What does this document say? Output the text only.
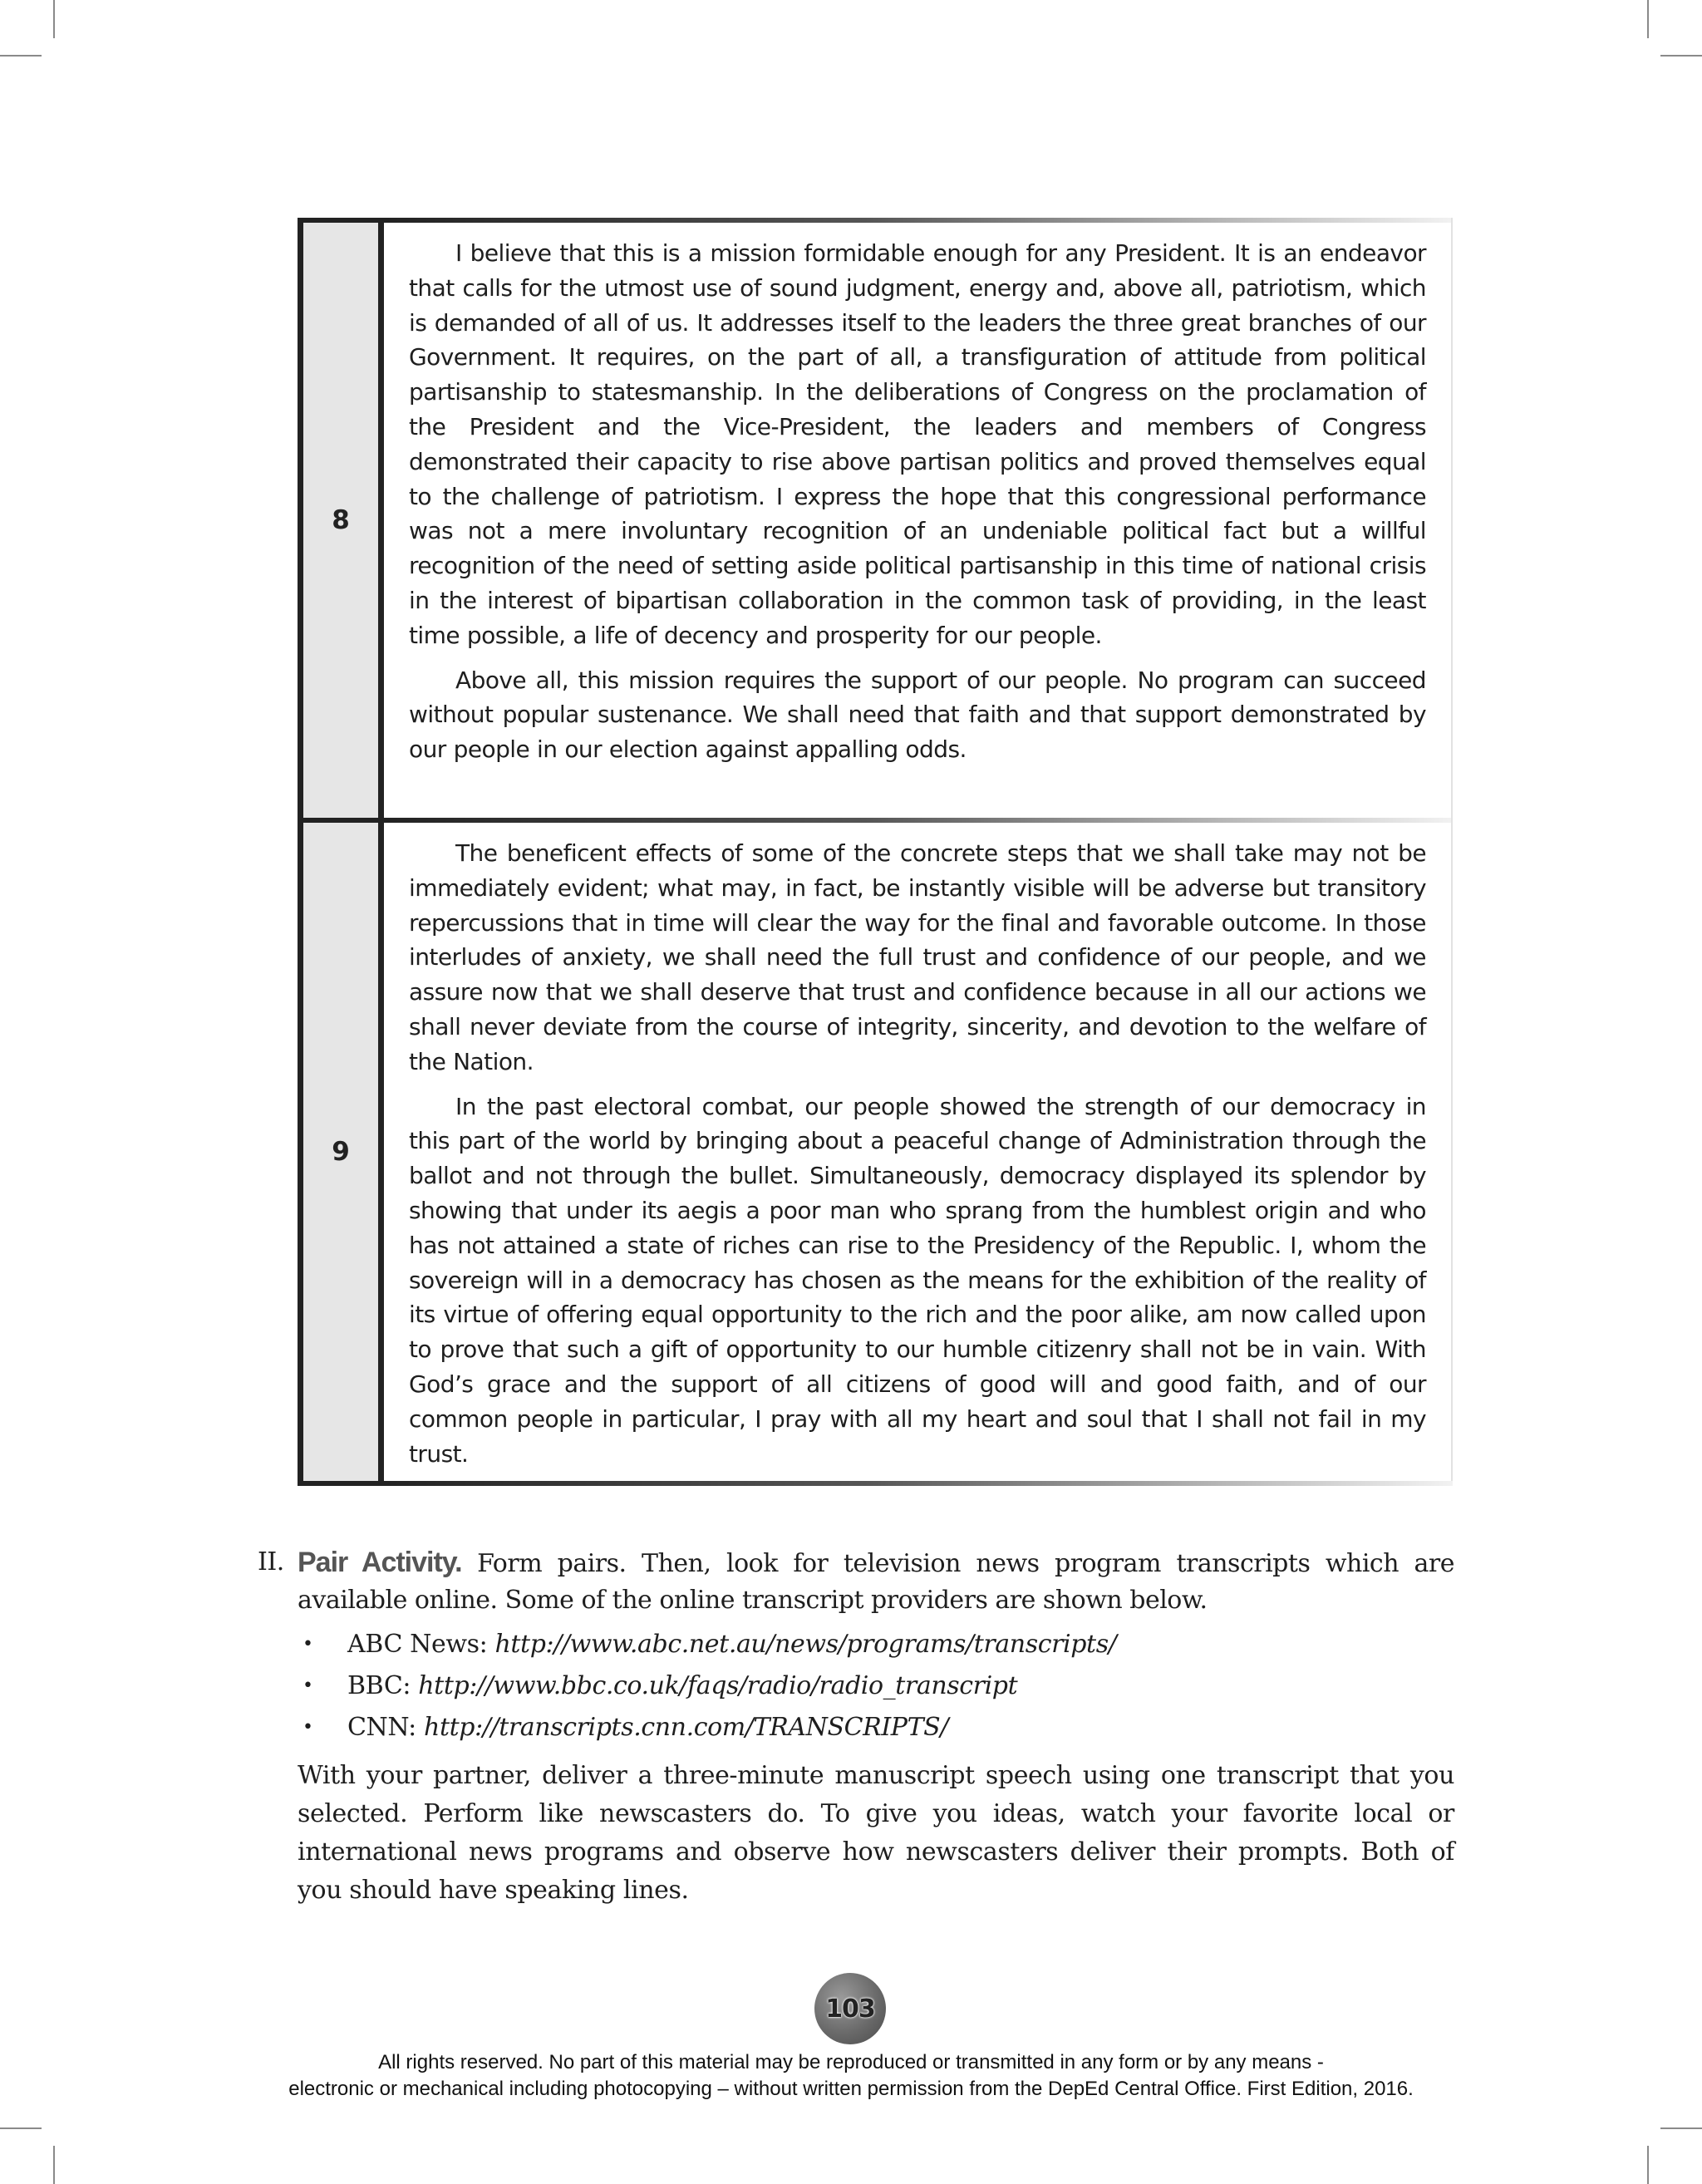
8

I believe that this is a mission formidable enough for any President. It is an endeavor that calls for the utmost use of sound judgment, energy and, above all, patriotism, which is demanded of all of us. It addresses itself to the leaders the three great branches of our Government. It requires, on the part of all, a transfiguration of attitude from political partisanship to statesmanship. In the deliberations of Congress on the proclamation of the President and the Vice-President, the leaders and members of Congress demonstrated their capacity to rise above partisan politics and proved themselves equal to the challenge of patriotism. I express the hope that this congressional performance was not a mere involuntary recognition of an undeniable political fact but a willful recognition of the need of setting aside political partisanship in this time of national crisis in the interest of bipartisan collaboration in the common task of providing, in the least time possible, a life of decency and prosperity for our people.

Above all, this mission requires the support of our people. No program can succeed without popular sustenance. We shall need that faith and that support demonstrated by our people in our election against appalling odds.

9

The beneficent effects of some of the concrete steps that we shall take may not be immediately evident; what may, in fact, be instantly visible will be adverse but transitory repercussions that in time will clear the way for the final and favorable outcome. In those interludes of anxiety, we shall need the full trust and confidence of our people, and we assure now that we shall deserve that trust and confidence because in all our actions we shall never deviate from the course of integrity, sincerity, and devotion to the welfare of the Nation.

In the past electoral combat, our people showed the strength of our democracy in this part of the world by bringing about a peaceful change of Administration through the ballot and not through the bullet. Simultaneously, democracy displayed its splendor by showing that under its aegis a poor man who sprang from the humblest origin and who has not attained a state of riches can rise to the Presidency of the Republic. I, whom the sovereign will in a democracy has chosen as the means for the exhibition of the reality of its virtue of offering equal opportunity to the rich and the poor alike, am now called upon to prove that such a gift of opportunity to our humble citizenry shall not be in vain. With God’s grace and the support of all citizens of good will and good faith, and of our common people in particular, I pray with all my heart and soul that I shall not fail in my trust.

II. Pair Activity. Form pairs. Then, look for television news program transcripts which are available online. Some of the online transcript providers are shown below.
• ABC News: http://www.abc.net.au/news/programs/transcripts/
• BBC: http://www.bbc.co.uk/faqs/radio/radio_transcript
• CNN: http://transcripts.cnn.com/TRANSCRIPTS/

With your partner, deliver a three-minute manuscript speech using one transcript that you selected. Perform like newscasters do. To give you ideas, watch your favorite local or international news programs and observe how newscasters deliver their prompts. Both of you should have speaking lines.

103
All rights reserved. No part of this material may be reproduced or transmitted in any form or by any means -
electronic or mechanical including photocopying – without written permission from the DepEd Central Office. First Edition, 2016.
